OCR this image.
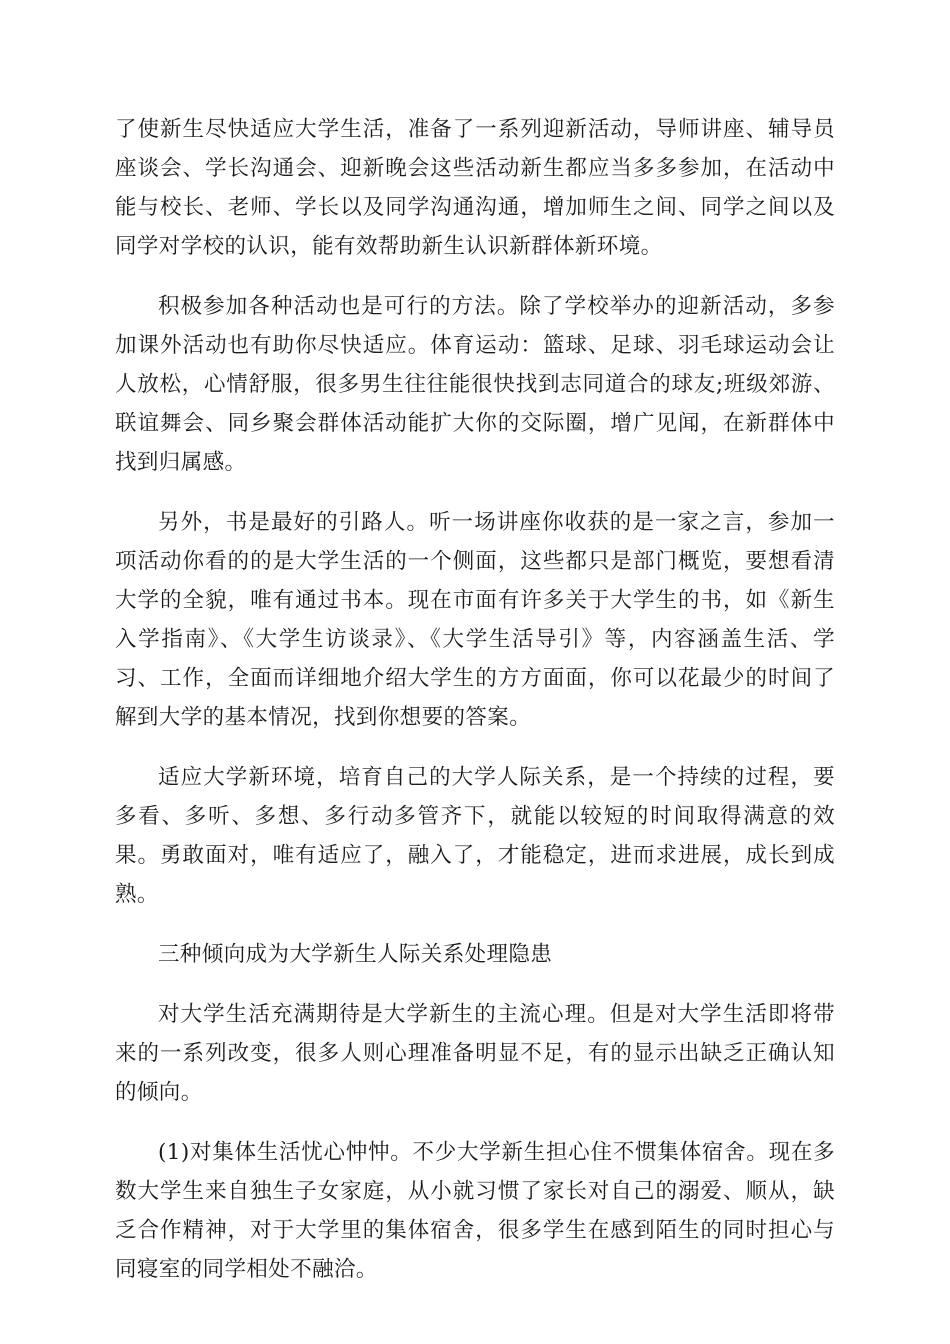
了使新生尽快适应大学生活，准备了一系列迎新活动，导师讲座、辅导员座谈会、学长沟通会、迎新晚会这些活动新生都应当多多参加，在活动中能与校长、老师、学长以及同学沟通沟通，增加师生之间、同学之间以及同学对学校的认识，能有效帮助新生认识新群体新环境。

积极参加各种活动也是可行的方法。除了学校举办的迎新活动，多参加课外活动也有助你尽快适应。体育运动：篮球、足球、羽毛球运动会让人放松，心情舒服，很多男生往往能很快找到志同道合的球友;班级郊游、联谊舞会、同乡聚会群体活动能扩大你的交际圈，增广见闻，在新群体中找到归属感。

另外，书是最好的引路人。听一场讲座你收获的是一家之言，参加一项活动你看的的是大学生活的一个侧面，这些都只是部门概览，要想看清大学的全貌，唯有通过书本。现在市面有许多关于大学生的书，如《新生入学指南》、《大学生访谈录》、《大学生活导引》等，内容涵盖生活、学习、工作，全面而详细地介绍大学生的方方面面，你可以花最少的时间了解到大学的基本情况，找到你想要的答案。

适应大学新环境，培育自己的大学人际关系，是一个持续的过程，要多看、多听、多想、多行动多管齐下，就能以较短的时间取得满意的效果。勇敢面对，唯有适应了，融入了，才能稳定，进而求进展，成长到成熟。

三种倾向成为大学新生人际关系处理隐患

对大学生活充满期待是大学新生的主流心理。但是对大学生活即将带来的一系列改变，很多人则心理准备明显不足，有的显示出缺乏正确认知的倾向。

(1)对集体生活忧心忡忡。不少大学新生担心住不惯集体宿舍。现在多数大学生来自独生子女家庭，从小就习惯了家长对自己的溺爱、顺从，缺乏合作精神，对于大学里的集体宿舍，很多学生在感到陌生的同时担心与同寝室的同学相处不融洽。
